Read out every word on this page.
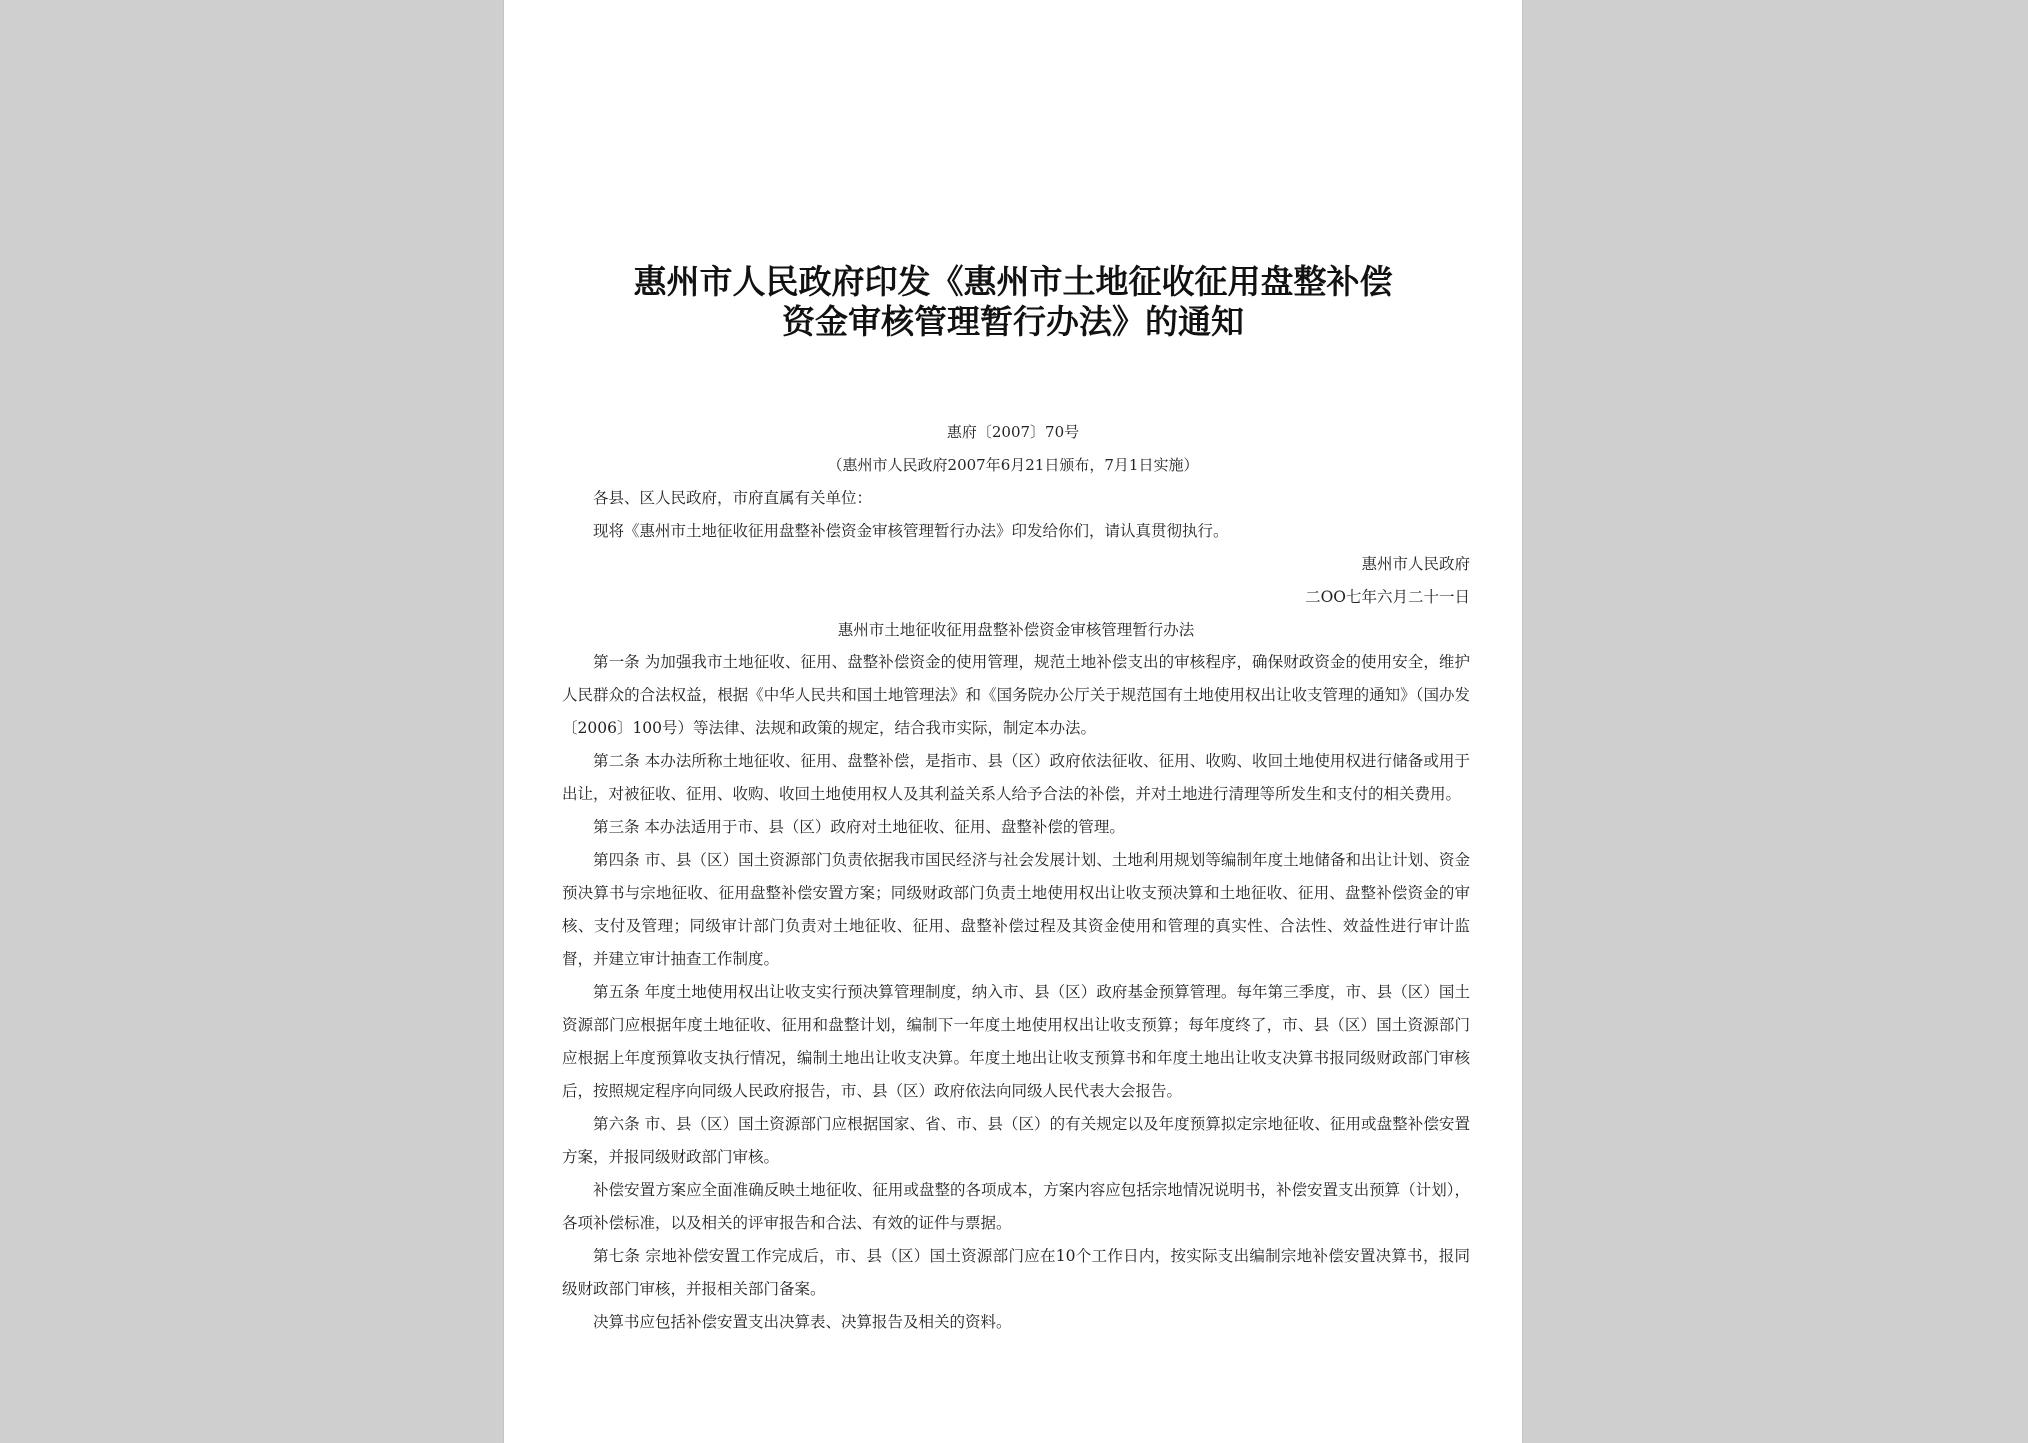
惠州市人民政府印发《惠州市土地征收征用盘整补偿
资金审核管理暂行办法》的通知
惠府〔2007〕70号
（惠州市人民政府2007年6月21日颁布，7月1日实施）
各县、区人民政府，市府直属有关单位：
现将《惠州市土地征收征用盘整补偿资金审核管理暂行办法》印发给你们，请认真贯彻执行。
惠州市人民政府
二OO七年六月二十一日
惠州市土地征收征用盘整补偿资金审核管理暂行办法

第一条 为加强我市土地征收、征用、盘整补偿资金的使用管理，规范土地补偿支出的审核程序，确保财政资金的使用安全，维护人民群众的合法权益，根据《中华人民共和国土地管理法》和《国务院办公厅关于规范国有土地使用权出让收支管理的通知》（国办发〔2006〕100号）等法律、法规和政策的规定，结合我市实际，制定本办法。

第二条 本办法所称土地征收、征用、盘整补偿，是指市、县（区）政府依法征收、征用、收购、收回土地使用权进行储备或用于出让，对被征收、征用、收购、收回土地使用权人及其利益关系人给予合法的补偿，并对土地进行清理等所发生和支付的相关费用。

第三条 本办法适用于市、县（区）政府对土地征收、征用、盘整补偿的管理。

第四条 市、县（区）国土资源部门负责依据我市国民经济与社会发展计划、土地利用规划等编制年度土地储备和出让计划、资金预决算书与宗地征收、征用盘整补偿安置方案；同级财政部门负责土地使用权出让收支预决算和土地征收、征用、盘整补偿资金的审核、支付及管理；同级审计部门负责对土地征收、征用、盘整补偿过程及其资金使用和管理的真实性、合法性、效益性进行审计监督，并建立审计抽查工作制度。

第五条 年度土地使用权出让收支实行预决算管理制度，纳入市、县（区）政府基金预算管理。每年第三季度，市、县（区）国土资源部门应根据年度土地征收、征用和盘整计划，编制下一年度土地使用权出让收支预算；每年度终了，市、县（区）国土资源部门应根据上年度预算收支执行情况，编制土地出让收支决算。年度土地出让收支预算书和年度土地出让收支决算书报同级财政部门审核后，按照规定程序向同级人民政府报告，市、县（区）政府依法向同级人民代表大会报告。

第六条 市、县（区）国土资源部门应根据国家、省、市、县（区）的有关规定以及年度预算拟定宗地征收、征用或盘整补偿安置方案，并报同级财政部门审核。

补偿安置方案应全面准确反映土地征收、征用或盘整的各项成本，方案内容应包括宗地情况说明书，补偿安置支出预算（计划），各项补偿标准，以及相关的评审报告和合法、有效的证件与票据。

第七条 宗地补偿安置工作完成后，市、县（区）国土资源部门应在10个工作日内，按实际支出编制宗地补偿安置决算书，报同级财政部门审核，并报相关部门备案。

决算书应包括补偿安置支出决算表、决算报告及相关的资料。
